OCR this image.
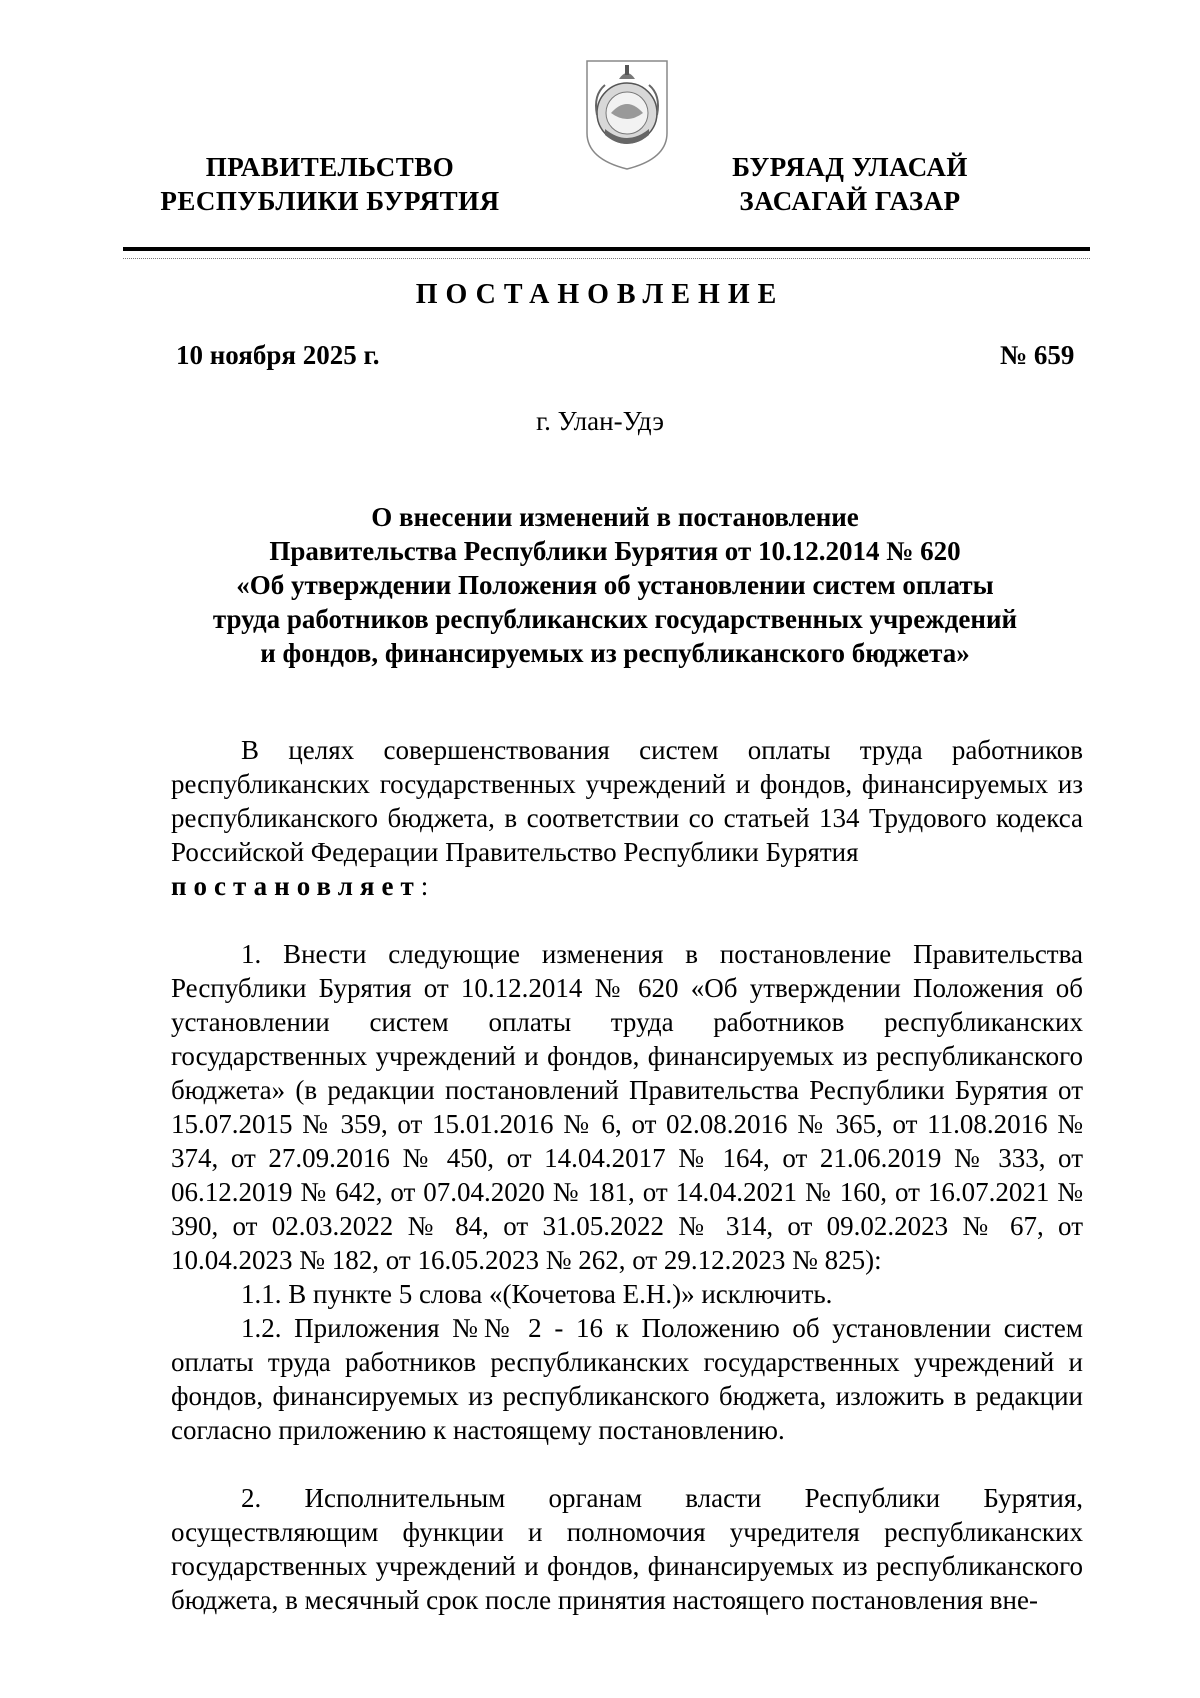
ПРАВИТЕЛЬСТВО
РЕСПУБЛИКИ БУРЯТИЯ
БУРЯАД УЛАСАЙ
ЗАСАГАЙ ГАЗАР
ПОСТАНОВЛЕНИЕ
10 ноября 2025 г.	№ 659
г. Улан-Удэ
О внесении изменений в постановление
Правительства Республики Бурятия от 10.12.2014 № 620
«Об утверждении Положения об установлении систем оплаты
труда работников республиканских государственных учреждений
и фондов, финансируемых из республиканского бюджета»

В целях совершенствования систем оплаты труда работников республиканских государственных учреждений и фондов, финансируемых из республиканского бюджета, в соответствии со статьей 134 Трудового кодекса Российской Федерации Правительство Республики Бурятия
постановляет:

1. Внести следующие изменения в постановление Правительства Республики Бурятия от 10.12.2014 № 620 «Об утверждении Положения об установлении систем оплаты труда работников республиканских государственных учреждений и фондов, финансируемых из республиканского бюджета» (в редакции постановлений Правительства Республики Бурятия от 15.07.2015 № 359, от 15.01.2016 № 6, от 02.08.2016 № 365, от 11.08.2016 № 374, от 27.09.2016 № 450, от 14.04.2017 № 164, от 21.06.2019 № 333, от 06.12.2019 № 642, от 07.04.2020 № 181, от 14.04.2021 № 160, от 16.07.2021 № 390, от 02.03.2022 № 84, от 31.05.2022 № 314, от 09.02.2023 № 67, от 10.04.2023 № 182, от 16.05.2023 № 262, от 29.12.2023 № 825):

1.1. В пункте 5 слова «(Кочетова Е.Н.)» исключить.

1.2. Приложения №№ 2 - 16 к Положению об установлении систем оплаты труда работников республиканских государственных учреждений и фондов, финансируемых из республиканского бюджета, изложить в редакции согласно приложению к настоящему постановлению.

2. Исполнительным органам власти Республики Бурятия, осуществляющим функции и полномочия учредителя республиканских государственных учреждений и фондов, финансируемых из республиканского бюджета, в месячный срок после принятия настоящего постановления вне-
